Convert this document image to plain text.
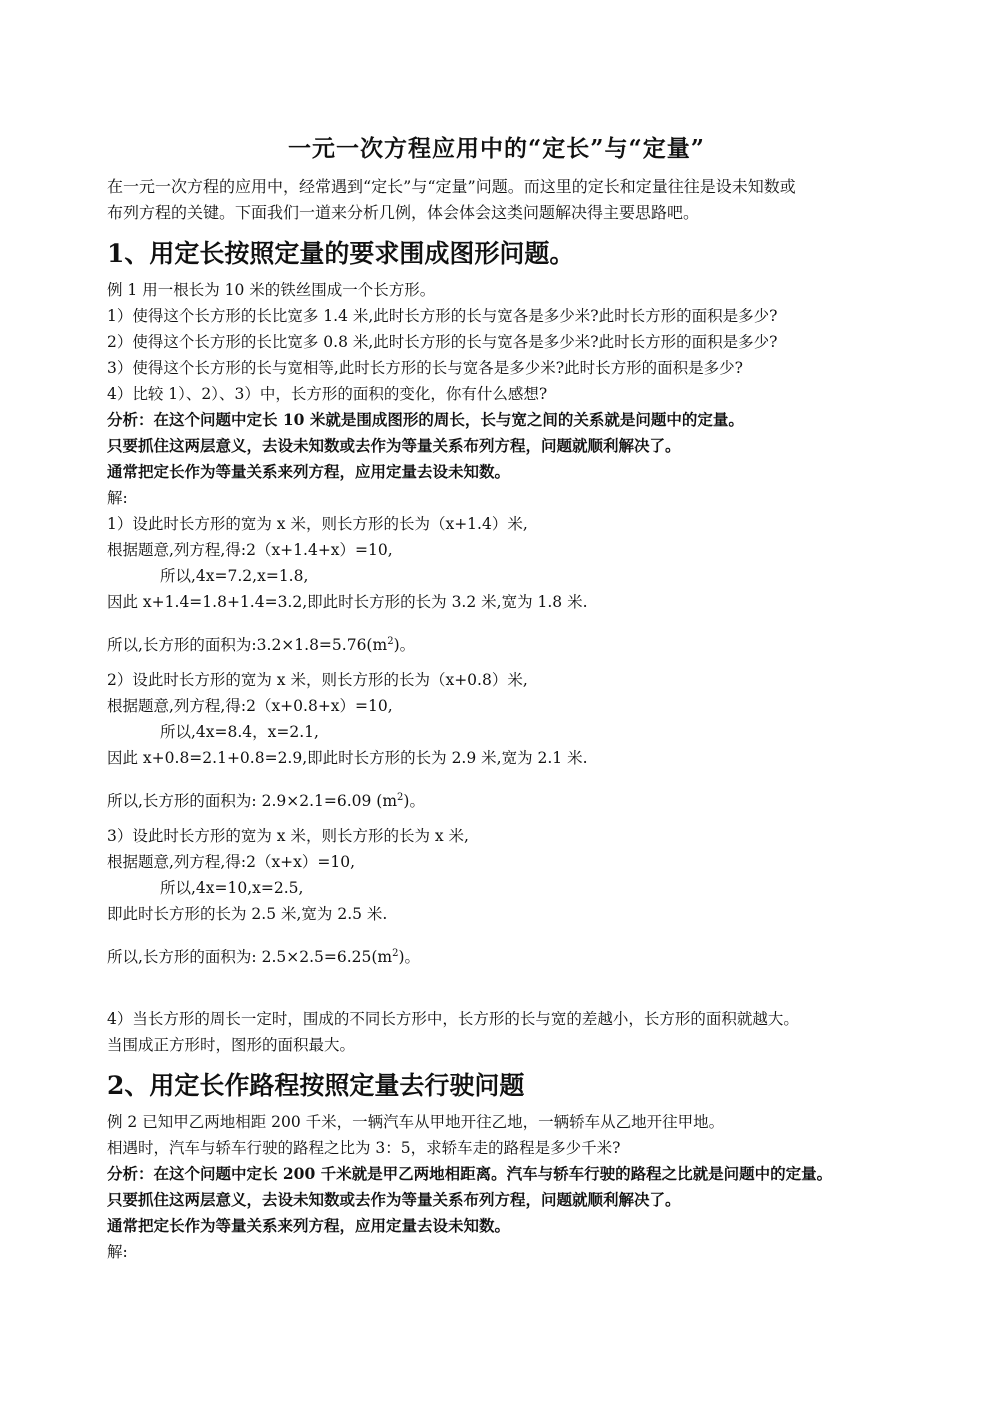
一元一次方程应用中的“定长”与“定量”
在一元一次方程的应用中，经常遇到“定长”与“定量”问题。而这里的定长和定量往往是设未知数或
布列方程的关键。下面我们一道来分析几例，体会体会这类问题解决得主要思路吧。
1、用定长按照定量的要求围成图形问题。
例 1 用一根长为 10 米的铁丝围成一个长方形。
1）使得这个长方形的长比宽多 1.4 米,此时长方形的长与宽各是多少米?此时长方形的面积是多少?
2）使得这个长方形的长比宽多 0.8 米,此时长方形的长与宽各是多少米?此时长方形的面积是多少?
3）使得这个长方形的长与宽相等,此时长方形的长与宽各是多少米?此时长方形的面积是多少?
4）比较 1）、2）、3）中，长方形的面积的变化，你有什么感想?
分析：在这个问题中定长 10 米就是围成图形的周长，长与宽之间的关系就是问题中的定量。
只要抓住这两层意义，去设未知数或去作为等量关系布列方程，问题就顺利解决了。
通常把定长作为等量关系来列方程，应用定量去设未知数。
解:
1）设此时长方形的宽为 x 米，则长方形的长为（x+1.4）米,
根据题意,列方程,得:2（x+1.4+x）=10,
所以,4x=7.2,x=1.8,
因此 x+1.4=1.8+1.4=3.2,即此时长方形的长为 3.2 米,宽为 1.8 米.
所以,长方形的面积为$:3.2\times 1.8=5.76(m^2)$。
2）设此时长方形的宽为 x 米，则长方形的长为（x+0.8）米,
根据题意,列方程,得:2（x+0.8+x）=10,
所以,4x=8.4，x=2.1,
因此 x+0.8=2.1+0.8=2.9,即此时长方形的长为 2.9 米,宽为 2.1 米.
所以,长方形的面积为: 2.9×2.1=6.09 $(m^2)$。
3）设此时长方形的宽为 x 米，则长方形的长为 x 米,
根据题意,列方程,得:2（x+x）=10,
所以,4x=10,x=2.5,
即此时长方形的长为 2.5 米,宽为 2.5 米.
所以,长方形的面积为: $2.5\times 2.5=6.25(m^2)$。
4）当长方形的周长一定时，围成的不同长方形中，长方形的长与宽的差越小，长方形的面积就越大。
当围成正方形时，图形的面积最大。
2、用定长作路程按照定量去行驶问题
例 2 已知甲乙两地相距 200 千米，一辆汽车从甲地开往乙地，一辆轿车从乙地开往甲地。
相遇时，汽车与轿车行驶的路程之比为 3：5，求轿车走的路程是多少千米?
分析：在这个问题中定长 200 千米就是甲乙两地相距离。汽车与轿车行驶的路程之比就是问题中的定量。
只要抓住这两层意义，去设未知数或去作为等量关系布列方程，问题就顺利解决了。
通常把定长作为等量关系来列方程，应用定量去设未知数。
解:
